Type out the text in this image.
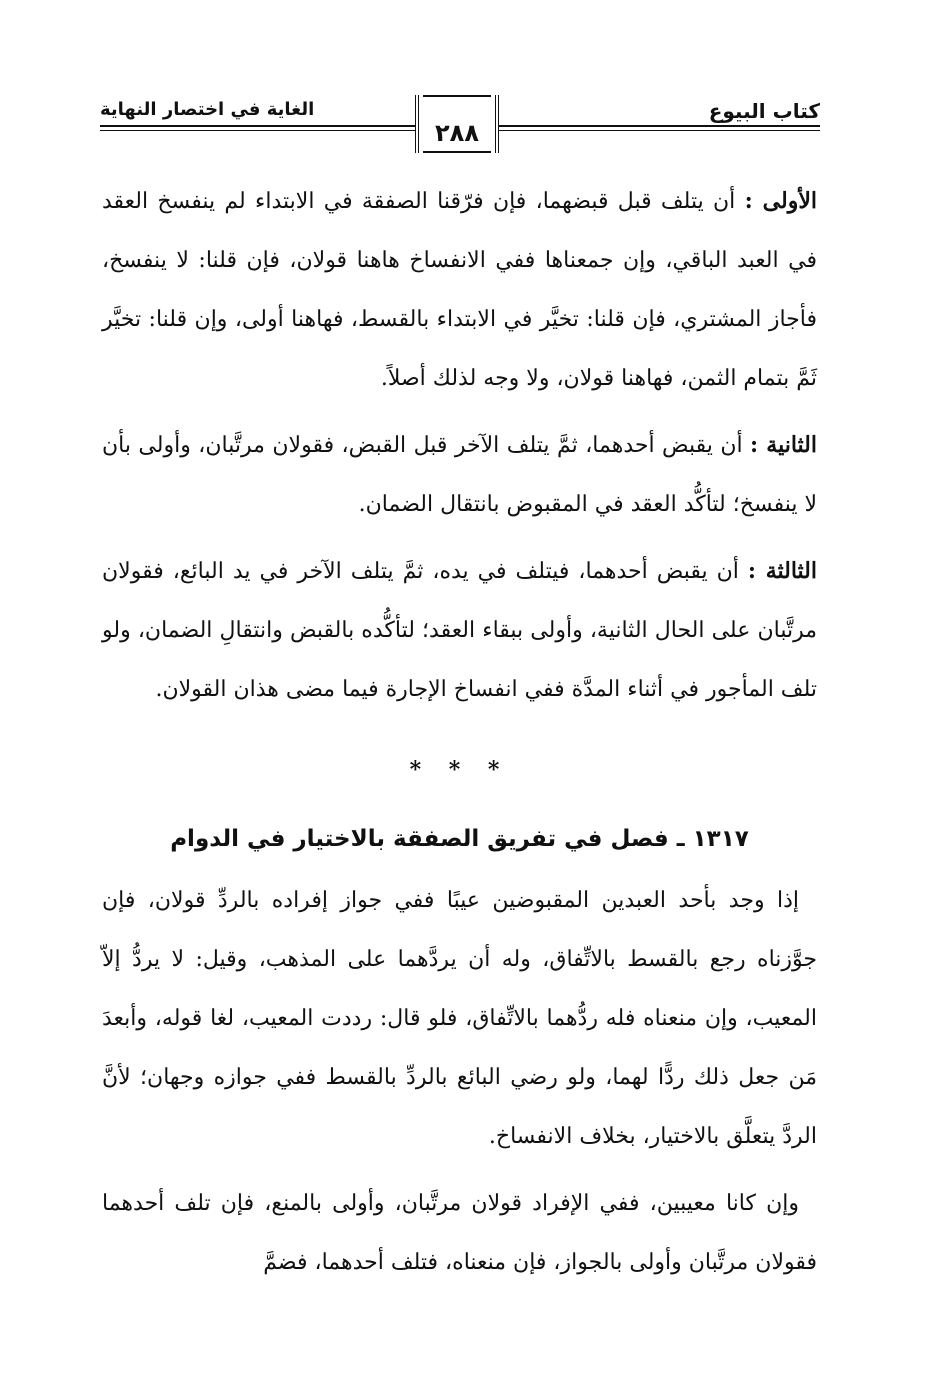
كتاب البيوع
الغاية في اختصار النهاية
٢٨٨

الأولى : أن يتلف قبل قبضهما، فإن فرّقنا الصفقة في الابتداء لم ينفسخ العقد في العبد الباقي، وإن جمعناها ففي الانفساخ هاهنا قولان، فإن قلنا: لا ينفسخ، فأجاز المشتري، فإن قلنا: تخيَّر في الابتداء بالقسط، فهاهنا أولى، وإن قلنا: تخيَّر ثَمَّ بتمام الثمن، فهاهنا قولان، ولا وجه لذلك أصلاً.

الثانية : أن يقبض أحدهما، ثمَّ يتلف الآخر قبل القبض، فقولان مرتَّبان، وأولى بأن لا ينفسخ؛ لتأكُّد العقد في المقبوض بانتقال الضمان.

الثالثة : أن يقبض أحدهما، فيتلف في يده، ثمَّ يتلف الآخر في يد البائع، فقولان مرتَّبان على الحال الثانية، وأولى ببقاء العقد؛ لتأكُّده بالقبض وانتقالِ الضمان، ولو تلف المأجور في أثناء المدَّة ففي انفساخ الإجارة فيما مضى هذان القولان.

* * *
١٣١٧ ـ فصل في تفريق الصفقة بالاختيار في الدوام

إذا وجد بأحد العبدين المقبوضين عيبًا ففي جواز إفراده بالردِّ قولان، فإن جوَّزناه رجع بالقسط بالاتِّفاق، وله أن يردَّهما على المذهب، وقيل: لا يردُّ إلاّ المعيب، وإن منعناه فله ردُّهما بالاتِّفاق، فلو قال: رددت المعيب، لغا قوله، وأبعدَ مَن جعل ذلك ردًّا لهما، ولو رضي البائع بالردِّ بالقسط ففي جوازه وجهان؛ لأنَّ الردَّ يتعلَّق بالاختيار، بخلاف الانفساخ.

وإن كانا معيبين، ففي الإفراد قولان مرتَّبان، وأولى بالمنع، فإن تلف أحدهما فقولان مرتَّبان وأولى بالجواز، فإن منعناه، فتلف أحدهما، فضمَّ
